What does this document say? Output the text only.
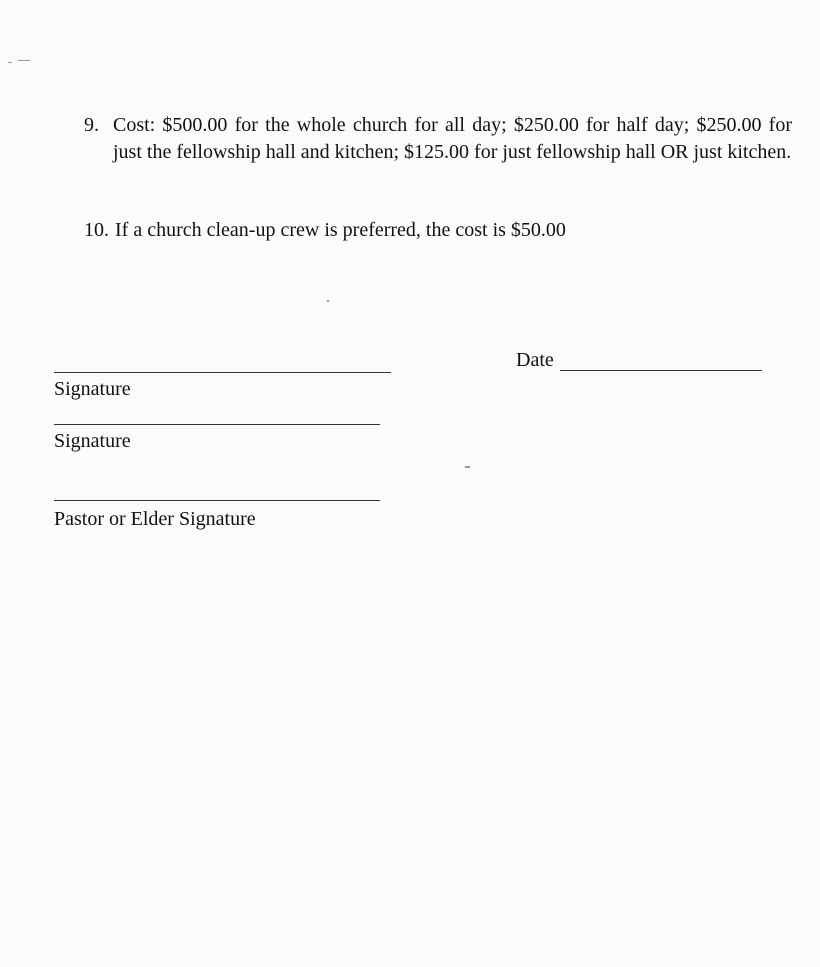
9. Cost: $500.00 for the whole church for all day; $250.00 for half day; $250.00 for just the fellowship hall and kitchen; $125.00 for just fellowship hall OR just kitchen.
10. If a church clean-up crew is preferred, the cost is $50.00
Signature
Date
Signature
Pastor or Elder Signature
